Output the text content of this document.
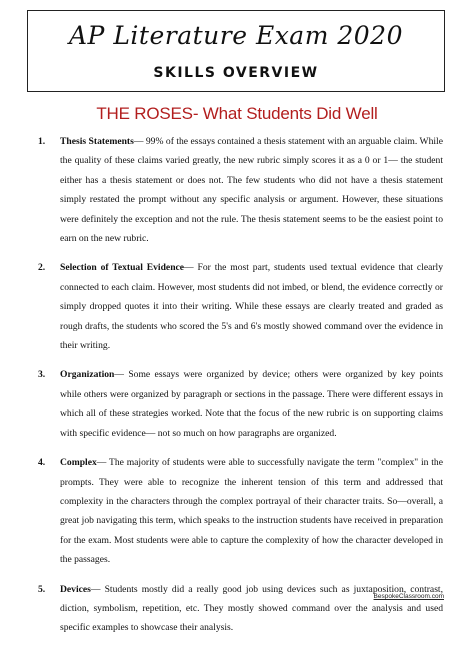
AP Literature Exam 2020
SKILLS OVERVIEW
THE ROSES- What Students Did Well
1. Thesis Statements— 99% of the essays contained a thesis statement with an arguable claim. While the quality of these claims varied greatly, the new rubric simply scores it as a 0 or 1— the student either has a thesis statement or does not. The few students who did not have a thesis statement simply restated the prompt without any specific analysis or argument. However, these situations were definitely the exception and not the rule. The thesis statement seems to be the easiest point to earn on the new rubric.
2. Selection of Textual Evidence— For the most part, students used textual evidence that clearly connected to each claim. However, most students did not imbed, or blend, the evidence correctly or simply dropped quotes it into their writing. While these essays are clearly treated and graded as rough drafts, the students who scored the 5's and 6's mostly showed command over the evidence in their writing.
3. Organization— Some essays were organized by device; others were organized by key points while others were organized by paragraph or sections in the passage. There were different essays in which all of these strategies worked. Note that the focus of the new rubric is on supporting claims with specific evidence— not so much on how paragraphs are organized.
4. Complex— The majority of students were able to successfully navigate the term "complex" in the prompts. They were able to recognize the inherent tension of this term and addressed that complexity in the characters through the complex portrayal of their character traits. So—overall, a great job navigating this term, which speaks to the instruction students have received in preparation for the exam. Most students were able to capture the complexity of how the character developed in the passages.
5. Devices— Students mostly did a really good job using devices such as juxtaposition, contrast, diction, symbolism, repetition, etc. They mostly showed command over the analysis and used specific examples to showcase their analysis.
BespokeClassroom.com
